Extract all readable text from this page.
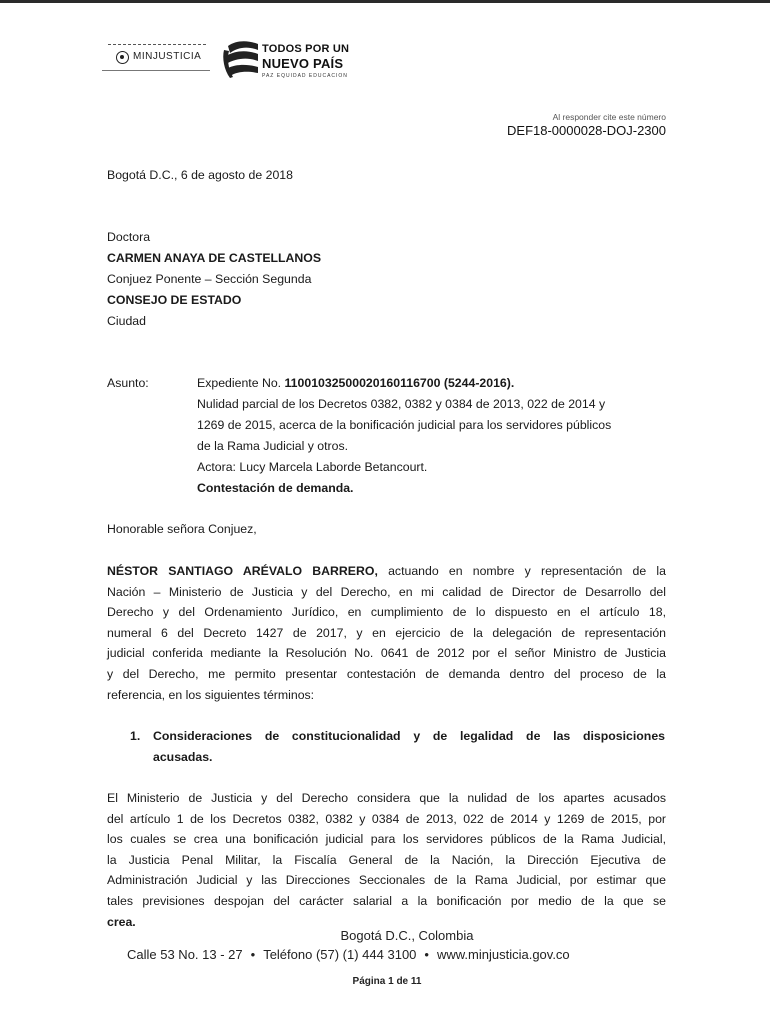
MINJUSTICIA
TODOS POR UN
NUEVO PAÍS
PAZ EQUIDAD EDUCACION
Al responder cite este número
DEF18-0000028-DOJ-2300
Bogotá D.C., 6 de agosto de 2018
Doctora
CARMEN ANAYA DE CASTELLANOS
Conjuez Ponente – Sección Segunda
CONSEJO DE ESTADO
Ciudad
Asunto:	Expediente No. 11001032500020160116700 (5244-2016).
Nulidad parcial de los Decretos 0382, 0382 y 0384 de 2013, 022 de 2014 y
1269 de 2015, acerca de la bonificación judicial para los servidores públicos
de la Rama Judicial y otros.
Actora: Lucy Marcela Laborde Betancourt.
Contestación de demanda.
Honorable señora Conjuez,
NÉSTOR SANTIAGO ARÉVALO BARRERO, actuando en nombre y representación de la
Nación – Ministerio de Justicia y del Derecho, en mi calidad de Director de Desarrollo del
Derecho y del Ordenamiento Jurídico, en cumplimiento de lo dispuesto en el artículo 18,
numeral 6 del Decreto 1427 de 2017, y en ejercicio de la delegación de representación
judicial conferida mediante la Resolución No. 0641 de 2012 por el señor Ministro de Justicia
y del Derecho, me permito presentar contestación de demanda dentro del proceso de la
referencia, en los siguientes términos:
1. Consideraciones de constitucionalidad y de legalidad de las disposiciones
acusadas.
El Ministerio de Justicia y del Derecho considera que la nulidad de los apartes acusados
del artículo 1 de los Decretos 0382, 0382 y 0384 de 2013, 022 de 2014 y 1269 de 2015, por
los cuales se crea una bonificación judicial para los servidores públicos de la Rama Judicial,
la Justicia Penal Militar, la Fiscalía General de la Nación, la Dirección Ejecutiva de
Administración Judicial y las Direcciones Seccionales de la Rama Judicial, por estimar que
tales previsiones despojan del carácter salarial a la bonificación por medio de la que se
crea.
Bogotá D.C., Colombia
Calle 53 No. 13 - 27 • Teléfono (57) (1) 444 3100 • www.minjusticia.gov.co
Página 1 de 11
